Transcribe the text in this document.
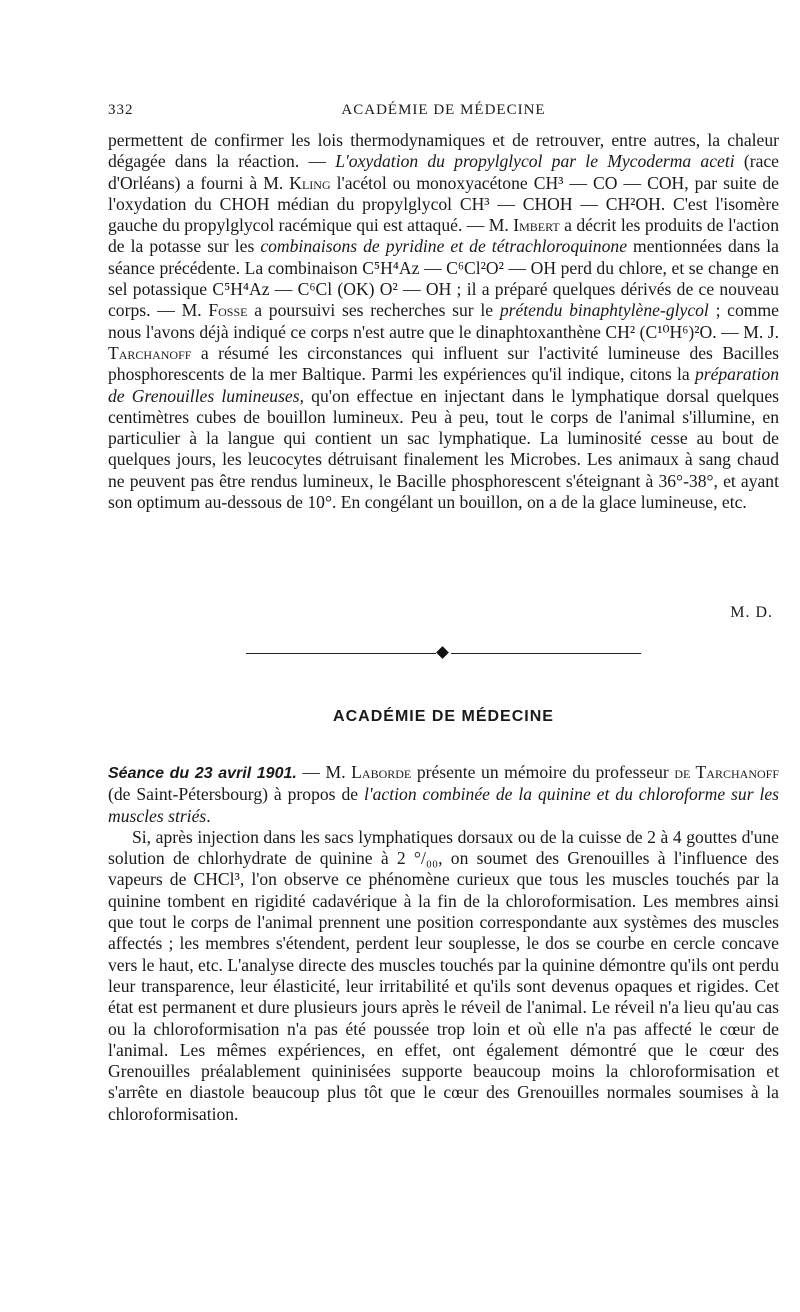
332	ACADÉMIE DE MÉDECINE

permettent de confirmer les lois thermodynamiques et de retrouver, entre autres, la chaleur dégagée dans la réaction. — L'oxydation du propylglycol par le Mycoderma aceti (race d'Orléans) a fourni à M. Kling l'acétol ou monoxyacétone CH³ — CO — COH, par suite de l'oxydation du CHOH médian du propylglycol CH³ — CHOH — CH²OH. C'est l'isomère gauche du propylglycol racémique qui est attaqué. — M. Imbert a décrit les produits de l'action de la potasse sur les combinaisons de pyridine et de tétrachloroquinone mentionnées dans la séance précédente. La combinaison C⁵H⁴Az — C⁶Cl²O² — OH perd du chlore, et se change en sel potassique C⁵H⁴Az — C⁶Cl (OK) O² — OH ; il a préparé quelques dérivés de ce nouveau corps. — M. Fosse a poursuivi ses recherches sur le prétendu binaphtylène-glycol ; comme nous l'avons déjà indiqué ce corps n'est autre que le dinaphtoxanthène CH² (C¹⁰H⁶)²O. — M. J. Tarchanoff a résumé les circonstances qui influent sur l'activité lumineuse des Bacilles phosphorescents de la mer Baltique. Parmi les expériences qu'il indique, citons la préparation de Grenouilles lumineuses, qu'on effectue en injectant dans le lymphatique dorsal quelques centimètres cubes de bouillon lumineux. Peu à peu, tout le corps de l'animal s'illumine, en particulier à la langue qui contient un sac lymphatique. La luminosité cesse au bout de quelques jours, les leucocytes détruisant finalement les Microbes. Les animaux à sang chaud ne peuvent pas être rendus lumineux, le Bacille phosphorescent s'éteignant à 36°-38°, et ayant son optimum au-dessous de 10°. En congélant un bouillon, on a de la glace lumineuse, etc.

M. D.
ACADÉMIE DE MÉDECINE

Séance du 23 avril 1901. — M. Laborde présente un mémoire du professeur de Tarchanoff (de Saint-Pétersbourg) à propos de l'action combinée de la quinine et du chloroforme sur les muscles striés.

Si, après injection dans les sacs lymphatiques dorsaux ou de la cuisse de 2 à 4 gouttes d'une solution de chlorhydrate de quinine à 2 °/₀₀, on soumet des Grenouilles à l'influence des vapeurs de CHCl³, l'on observe ce phénomène curieux que tous les muscles touchés par la quinine tombent en rigidité cadavérique à la fin de la chloroformisation. Les membres ainsi que tout le corps de l'animal prennent une position correspondante aux systèmes des muscles affectés ; les membres s'étendent, perdent leur souplesse, le dos se courbe en cercle concave vers le haut, etc. L'analyse directe des muscles touchés par la quinine démontre qu'ils ont perdu leur transparence, leur élasticité, leur irritabilité et qu'ils sont devenus opaques et rigides. Cet état est permanent et dure plusieurs jours après le réveil de l'animal. Le réveil n'a lieu qu'au cas ou la chloroformisation n'a pas été poussée trop loin et où elle n'a pas affecté le cœur de l'animal. Les mêmes expériences, en effet, ont également démontré que le cœur des Grenouilles préalablement quininisées supporte beaucoup moins la chloroformisation et s'arrête en diastole beaucoup plus tôt que le cœur des Grenouilles normales soumises à la chloroformisation.
